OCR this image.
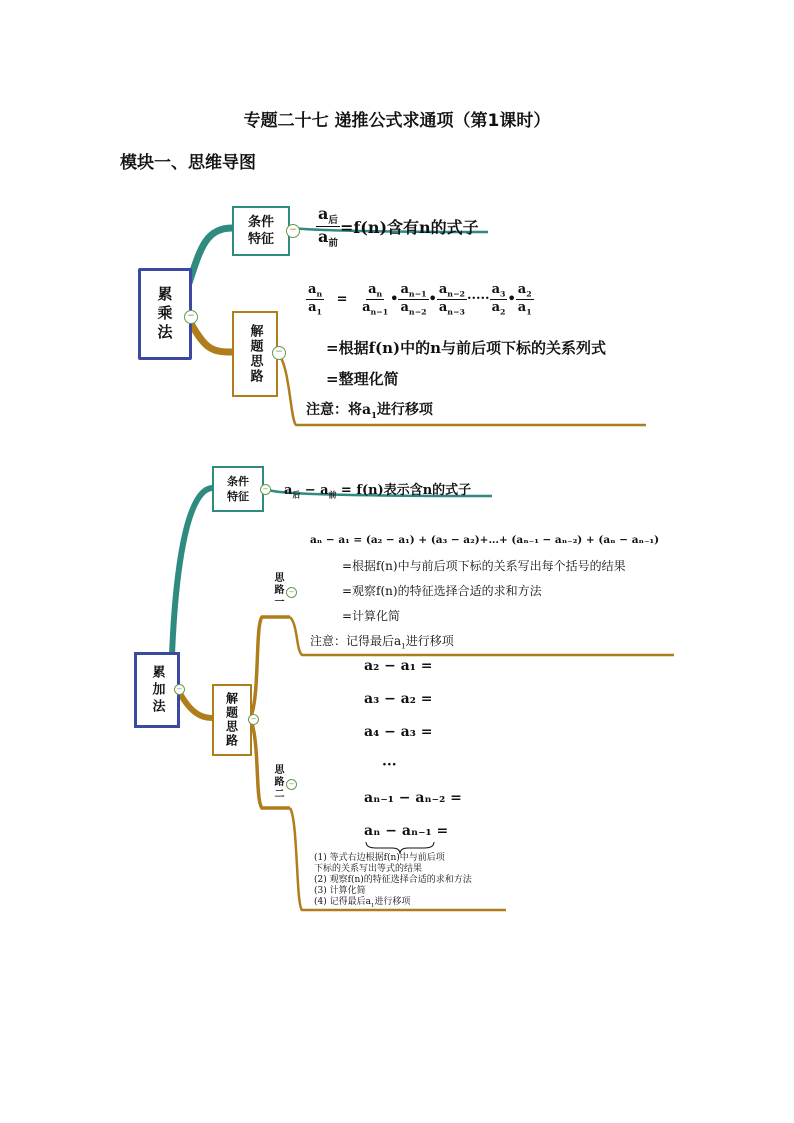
专题二十七 递推公式求通项（第1课时）
模块一、思维导图
累乘法
条件特征
解题思路
−
−
−
$\frac{a_后}{a_前} =f(n)$含有n的式子
$\frac{a_n}{a_1} = \frac{a_n}{a_{n-1}}$ • $\frac{a_{n-1}}{a_{n-2}}$ • $\frac{a_{n-2}}{a_{n-3}}$ ····· $\frac{a_3}{a_2}$ • $\frac{a_2}{a_1}$
=根据f(n)中的n与前后项下标的关系列式
=整理化简
注意：将$a_1$进行移项
累加法
条件特征
解题思路
思路一
思路二
−
−
−
−
−
$a_后 - a_前 = f(n)$表示含n的式子
aₙ − a₁ = (a₂ − a₁) + (a₃ − a₂)+…+ (aₙ₋₁ − aₙ₋₂) + (aₙ − aₙ₋₁)
=根据f(n)中与前后项下标的关系写出每个括号的结果
=观察f(n)的特征选择合适的求和方法
=计算化简
注意：记得最后$a_1$进行移项
a₂ − a₁ =
a₃ − a₂ =
a₄ − a₃ =
···
aₙ₋₁ − aₙ₋₂ =
aₙ − aₙ₋₁ =
(1) 等式右边根据f(n)中与前后项
下标的关系写出等式的结果
(2) 观察f(n)的特征选择合适的求和方法
(3) 计算化简
(4) 记得最后$a_1$进行移项
